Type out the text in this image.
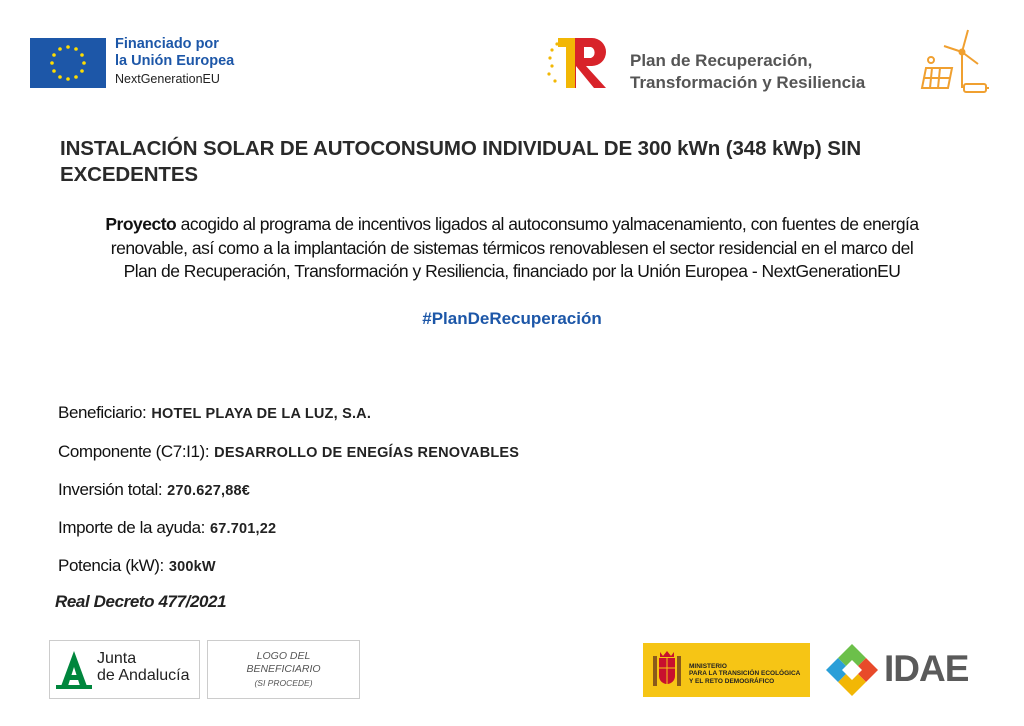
Financiado por
la Unión Europea
NextGenerationEU
Plan de Recuperación,
Transformación y Resiliencia
INSTALACIÓN SOLAR DE AUTOCONSUMO INDIVIDUAL DE 300 kWn (348 kWp) SIN EXCEDENTES
Proyecto acogido al programa de incentivos ligados al autoconsumo yalmacenamiento, con fuentes de energía
renovable, así como a la implantación de sistemas térmicos renovablesen el sector residencial en el marco del
Plan de Recuperación, Transformación y Resiliencia, financiado por la Unión Europea - NextGenerationEU
#PlanDeRecuperación
Beneficiario: HOTEL PLAYA DE LA LUZ, S.A.
Componente (C7:I1): DESARROLLO DE ENEGÍAS RENOVABLES
Inversión total: 270.627,88€
Importe de la ayuda: 67.701,22
Potencia (kW): 300kW
Real Decreto 477/2021
Junta
de Andalucía
LOGO DEL
BENEFICIARIO
(SI PROCEDE)
MINISTERIO
PARA LA TRANSICIÓN ECOLÓGICA
Y EL RETO DEMOGRÁFICO	IDAE
